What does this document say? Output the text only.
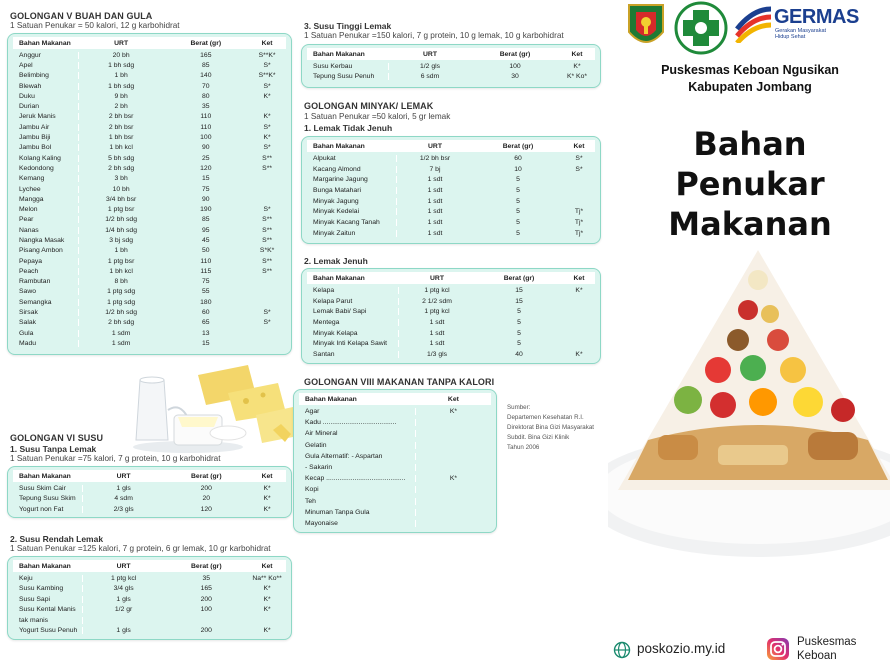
GOLONGAN V BUAH DAN GULA
1 Satuan Penukar = 50 kalori, 12 g karbohidrat
Bahan Makanan	URT	Berat (gr)	Ket
Anggur	20 bh	165	S**K*
Apel	1 bh sdg	85	S*
Belimbing	1 bh	140	S**K*
Blewah	1 bh sdg	70	S*
Duku	9 bh	80	K*
Durian	2 bh	35
Jeruk Manis	2 bh bsr	110	K*
Jambu Air	2 bh bsr	110	S*
Jambu Biji	1 bh bsr	100	K*
Jambu Bol	1 bh kcl	90	S*
Kolang Kaling	5 bh sdg	25	S**
Kedondong	2 bh sdg	120	S**
Kemang	3 bh	15
Lychee	10 bh	75
Mangga	3/4 bh bsr	90
Melon	1 ptg bsr	190	S*
Pear	1/2 bh sdg	85	S**
Nanas	1/4 bh sdg	95	S**
Nangka Masak	3 bj sdg	45	S**
Pisang Ambon	1 bh	50	S*K*
Pepaya	1 ptg bsr	110	S**
Peach	1 bh kcl	115	S**
Rambutan	8 bh	75
Sawo	1 ptg sdg	55
Semangka	1 ptg sdg	180
Sirsak	1/2 bh sdg	60	S*
Salak	2 bh sdg	65	S*
Gula	1 sdm	13
Madu	1 sdm	15
GOLONGAN VI SUSU
1. Susu Tanpa Lemak
1 Satuan Penukar =75 kalori, 7 g protein, 10 g karbohidrat
Bahan Makanan	URT	Berat (gr)	Ket
Susu Skim Cair	1 gls	200	K*
Tepung Susu Skim	4 sdm	20	K*
Yogurt non Fat	2/3 gls	120	K*
2. Susu Rendah Lemak
1 Satuan Penukar =125 kalori, 7 g protein, 6 gr lemak, 10 gr karbohidrat
Bahan Makanan	URT	Berat (gr)	Ket
Keju	1 ptg kcl	35	Na** Ko**
Susu Kambing	3/4 gls	165	K*
Susu Sapi	1 gls	200	K*
Susu Kental Manis	1/2 gr	100	K*
tak manis
Yogurt Susu Penuh	1 gls	200	K*
3. Susu Tinggi Lemak
1 Satuan Penukar =150 kalori, 7 g protein, 10 g lemak, 10 g karbohidrat
Bahan Makanan	URT	Berat (gr)	Ket
Susu Kerbau	1/2 gls	100	K*
Tepung Susu Penuh	6 sdm	30	K* Ko*
GOLONGAN MINYAK/ LEMAK
1 Satuan Penukar =50 kalori, 5 gr lemak
1. Lemak Tidak Jenuh
Bahan Makanan	URT	Berat (gr)	Ket
Alpukat	1/2 bh bsr	60	S*
Kacang Almond	7 bj	10	S*
Margarine Jagung	1 sdt	5
Bunga Matahari	1 sdt	5
Minyak Jagung	1 sdt	5
Minyak Kedelai	1 sdt	5	Tj*
Minyak Kacang Tanah	1 sdt	5	Tj*
Minyak Zaitun	1 sdt	5	Tj*
2. Lemak Jenuh
Bahan Makanan	URT	Berat (gr)	Ket
Kelapa	1 ptg kcl	15	K*
Kelapa Parut	2 1/2 sdm	15
Lemak Babi/ Sapi	1 ptg kcl	5
Mentega	1 sdt	5
Minyak Kelapa	1 sdt	5
Minyak Inti Kelapa Sawit	1 sdt	5
Santan	1/3 gls	40	K*
GOLONGAN VIII MAKANAN TANPA KALORI
Bahan Makanan	Ket
Agar	K*
Kadu .......................................
Air Mineral
Gelatin
Gula Alternatif: - Aspartan
- Sakarin
Kecap ..........................................	K*
Kopi
Teh
Minuman Tanpa Gula
Mayonaise
Sumber:
Departemen Kesehatan R.I.
Direktorat Bina Gizi Masyarakat
Subdit. Bina Gizi Klinik
Tahun 2006
GERMAS
Gerakan Masyarakat
Hidup Sehat
Puskesmas Keboan Ngusikan
Kabupaten Jombang
Bahan Penukar
Makanan
poskozio.my.id	Puskesmas
Keboan
